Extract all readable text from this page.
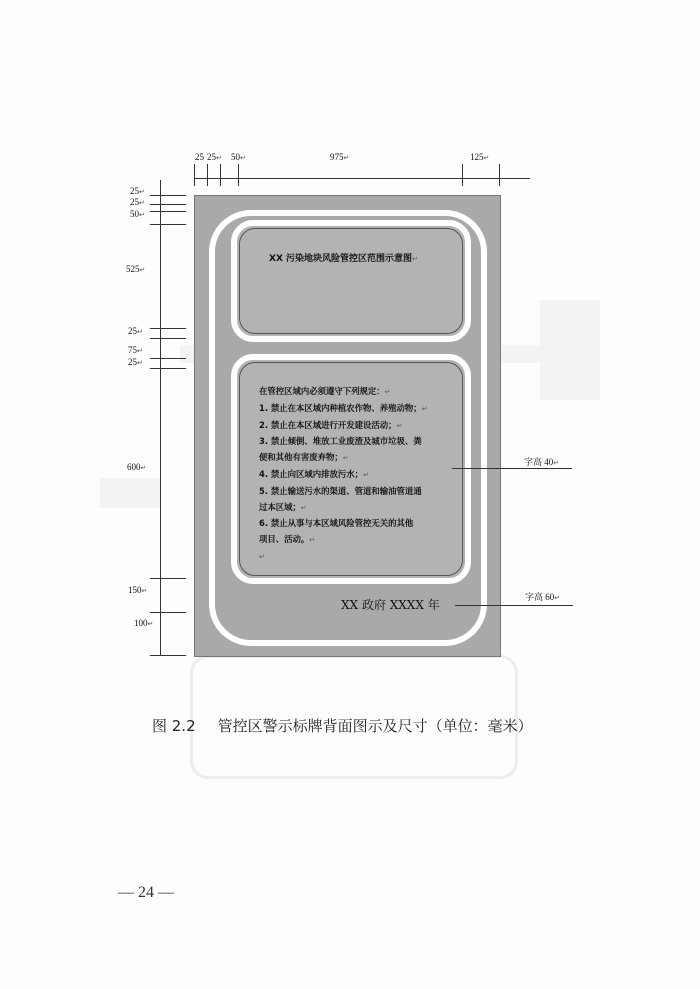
25 25↵ 50↵	975↵	125↵
25↵
25↵
50↵
525↵
25↵
75↵
25↵
600↵
150↵
100↵
XX 污染地块风险管控区范围示意图↵
在管控区域内必须遵守下列规定：↵
1. 禁止在本区域内种植农作物、养殖动物；↵
2. 禁止在本区域进行开发建设活动；↵
3. 禁止倾倒、堆放工业废渣及城市垃圾、粪
便和其他有害废弃物；↵
4. 禁止向区域内排放污水；↵
5. 禁止输送污水的渠道、管道和输油管道通
过本区域；↵
6. 禁止从事与本区域风险管控无关的其他
项目、活动。↵
↵
XX 政府 XXXX 年
字高 40↵
字高 60↵
图 2.2 管控区警示标牌背面图示及尺寸（单位：毫米）
— 24 —
